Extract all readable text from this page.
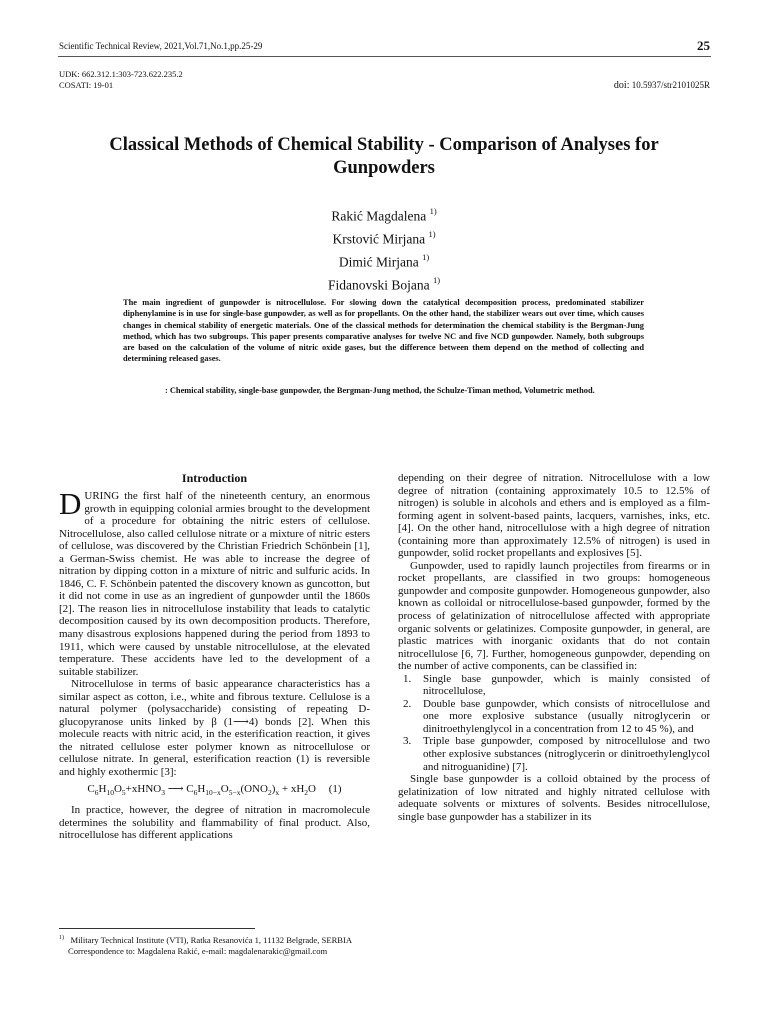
Scientific Technical Review, 2021,Vol.71,No.1,pp.25-29	25
UDK: 662.312.1:303-723.622.235.2
COSATI: 19-01	doi: 10.5937/str2101025R
Classical Methods of Chemical Stability - Comparison of Analyses for Gunpowders
Rakić Magdalena $^{1)}$
Krstović Mirjana $^{1)}$
Dimić Mirjana $^{1)}$
Fidanovski Bojana $^{1)}$
The main ingredient of gunpowder is nitrocellulose. For slowing down the catalytical decomposition process, predominated stabilizer diphenylamine is in use for single-base gunpowder, as well as for propellants. On the other hand, the stabilizer wears out over time, which causes changes in chemical stability of energetic materials. One of the classical methods for determination the chemical stability is the Bergman-Jung method, which has two subgroups. This paper presents comparative analyses for twelve NC and five NCD gunpowder. Namely, both subgroups are based on the calculation of the volume of nitric oxide gases, but the difference between them depend on the method of collecting and determining released gases.
: Chemical stability, single-base gunpowder, the Bergman-Jung method, the Schulze-Timan method, Volumetric method.
Introduction

DURING the first half of the nineteenth century, an enormous growth in equipping colonial armies brought to the development of a procedure for obtaining the nitric esters of cellulose. Nitrocellulose, also called cellulose nitrate or a mixture of nitric esters of cellulose, was discovered by the Christian Friedrich Schönbein [1], a German-Swiss chemist. He was able to increase the degree of nitration by dipping cotton in a mixture of nitric and sulfuric acids. In 1846, C. F. Schönbein patented the discovery known as guncotton, but it did not come in use as an ingredient of gunpowder until the 1860s [2]. The reason lies in nitrocellulose instability that leads to catalytic decomposition caused by its own decomposition products. Therefore, many disastrous explosions happened during the period from 1893 to 1911, which were caused by unstable nitrocellulose, at the elevated temperature. These accidents have led to the development of a suitable stabilizer.

Nitrocellulose in terms of basic appearance characteristics has a similar aspect as cotton, i.e., white and fibrous texture. Cellulose is a natural polymer (polysaccharide) consisting of repeating D-glucopyranose units linked by β (1⟶4) bonds [2]. When this molecule reacts with nitric acid, in the esterification reaction, it gives the nitrated cellulose ester polymer known as nitrocellulose or cellulose nitrate. In general, esterification reaction (1) is reversible and highly exothermic [3]:

$C_6H_{10}O_5+xHNO_3$ ⟶ $C_6H_{10-x}O_{5-x}(ONO_2)_x + xH_2O$ (1)

In practice, however, the degree of nitration in macromolecule determines the solubility and flammability of final product. Also, nitrocellulose has different applications

depending on their degree of nitration. Nitrocellulose with a low degree of nitration (containing approximately 10.5 to 12.5% of nitrogen) is soluble in alcohols and ethers and is employed as a film-forming agent in solvent-based paints, lacquers, varnishes, inks, etc. [4]. On the other hand, nitrocellulose with a high degree of nitration (containing more than approximately 12.5% of nitrogen) is used in gunpowder, solid rocket propellants and explosives [5].

Gunpowder, used to rapidly launch projectiles from firearms or in rocket propellants, are classified in two groups: homogeneous gunpowder and composite gunpowder. Homogeneous gunpowder, also known as colloidal or nitrocellulose-based gunpowder, formed by the process of gelatinization of nitrocellulose affected with appropriate organic solvents or gelatinizes. Composite gunpowder, in general, are plastic matrices with inorganic oxidants that do not contain nitrocellulose [6, 7]. Further, homogeneous gunpowder, depending on the number of active components, can be classified in:

1. Single base gunpowder, which is mainly consisted of nitrocellulose,
2. Double base gunpowder, which consists of nitrocellulose and one more explosive substance (usually nitroglycerin or dinitroethylenglycol in a concentration from 12 to 45 %), and
3. Triple base gunpowder, composed by nitrocellulose and two other explosive substances (nitroglycerin or dinitroethylenglycol and nitroguanidine) [7].

Single base gunpowder is a colloid obtained by the process of gelatinization of low nitrated and highly nitrated cellulose with adequate solvents or mixtures of solvents. Besides nitrocellulose, single base gunpowder has a stabilizer in its

$^{1)}$ Military Technical Institute (VTI), Ratka Resanovića 1, 11132 Belgrade, SERBIA
Correspondence to: Magdalena Rakić, e-mail: magdalenarakic@gmail.com
